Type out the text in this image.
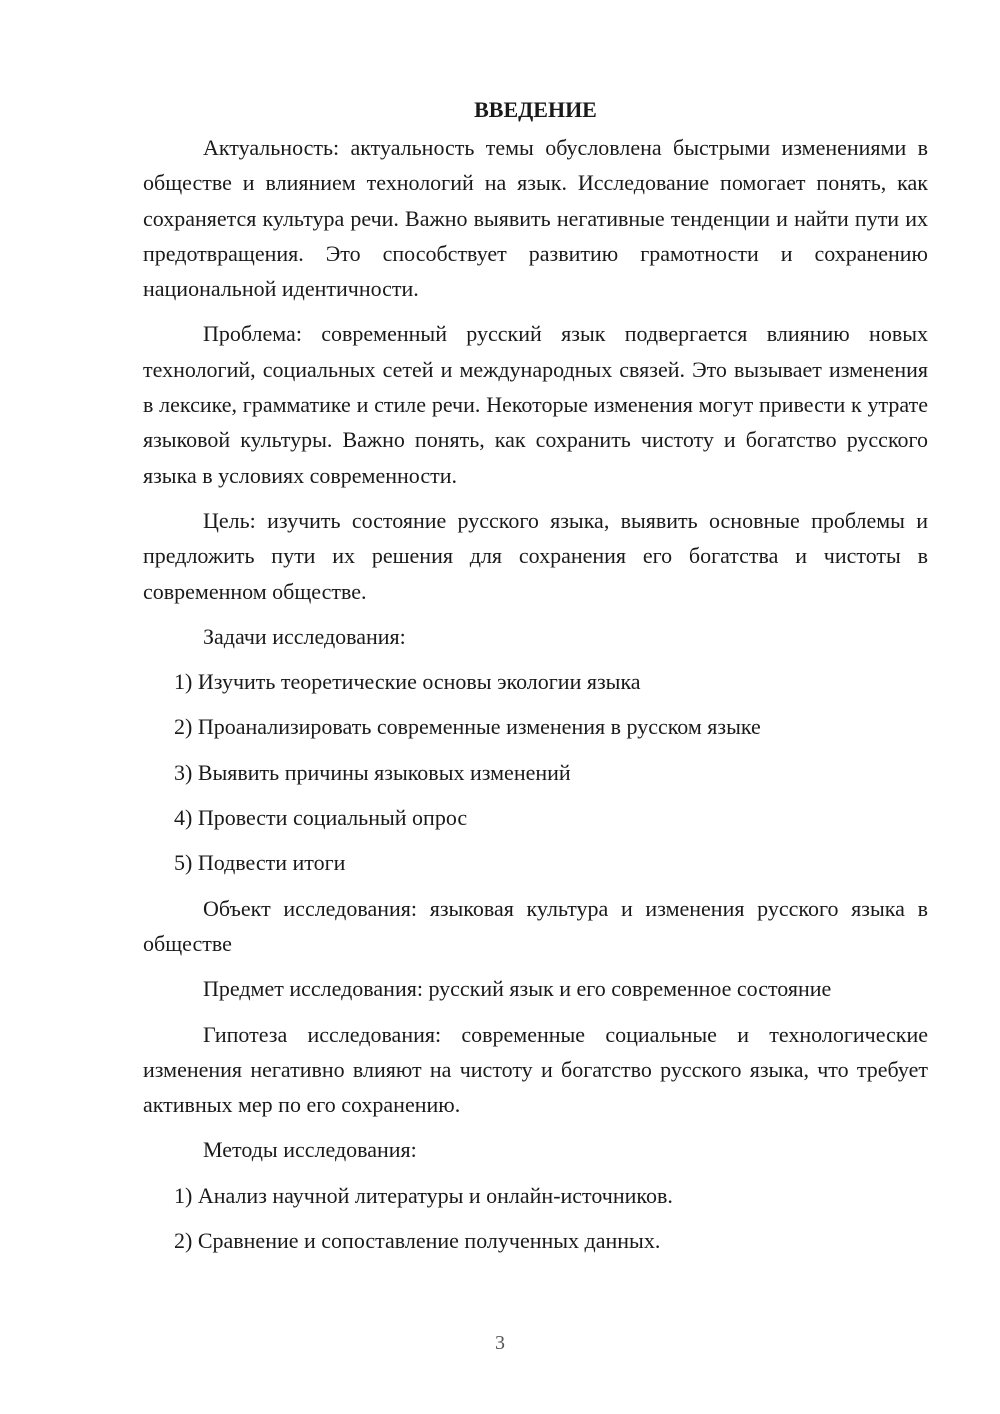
ВВЕДЕНИЕ

Актуальность: актуальность темы обусловлена быстрыми изменениями в обществе и влиянием технологий на язык. Исследование помогает понять, как сохраняется культура речи. Важно выявить негативные тенденции и найти пути их предотвращения. Это способствует развитию грамотности и сохранению национальной идентичности.

Проблема: современный русский язык подвергается влиянию новых технологий, социальных сетей и международных связей. Это вызывает изменения в лексике, грамматике и стиле речи. Некоторые изменения могут привести к утрате языковой культуры. Важно понять, как сохранить чистоту и богатство русского языка в условиях современности.

Цель: изучить состояние русского языка, выявить основные проблемы и предложить пути их решения для сохранения его богатства и чистоты в современном обществе.

Задачи исследования:

1) Изучить теоретические основы экологии языка

2) Проанализировать современные изменения в русском языке

3) Выявить причины языковых изменений

4) Провести социальный опрос

5) Подвести итоги

Объект исследования: языковая культура и изменения русского языка в обществе

Предмет исследования: русский язык и его современное состояние

Гипотеза исследования: современные социальные и технологические изменения негативно влияют на чистоту и богатство русского языка, что требует активных мер по его сохранению.

Методы исследования:

1) Анализ научной литературы и онлайн-источников.

2) Сравнение и сопоставление полученных данных.

3
